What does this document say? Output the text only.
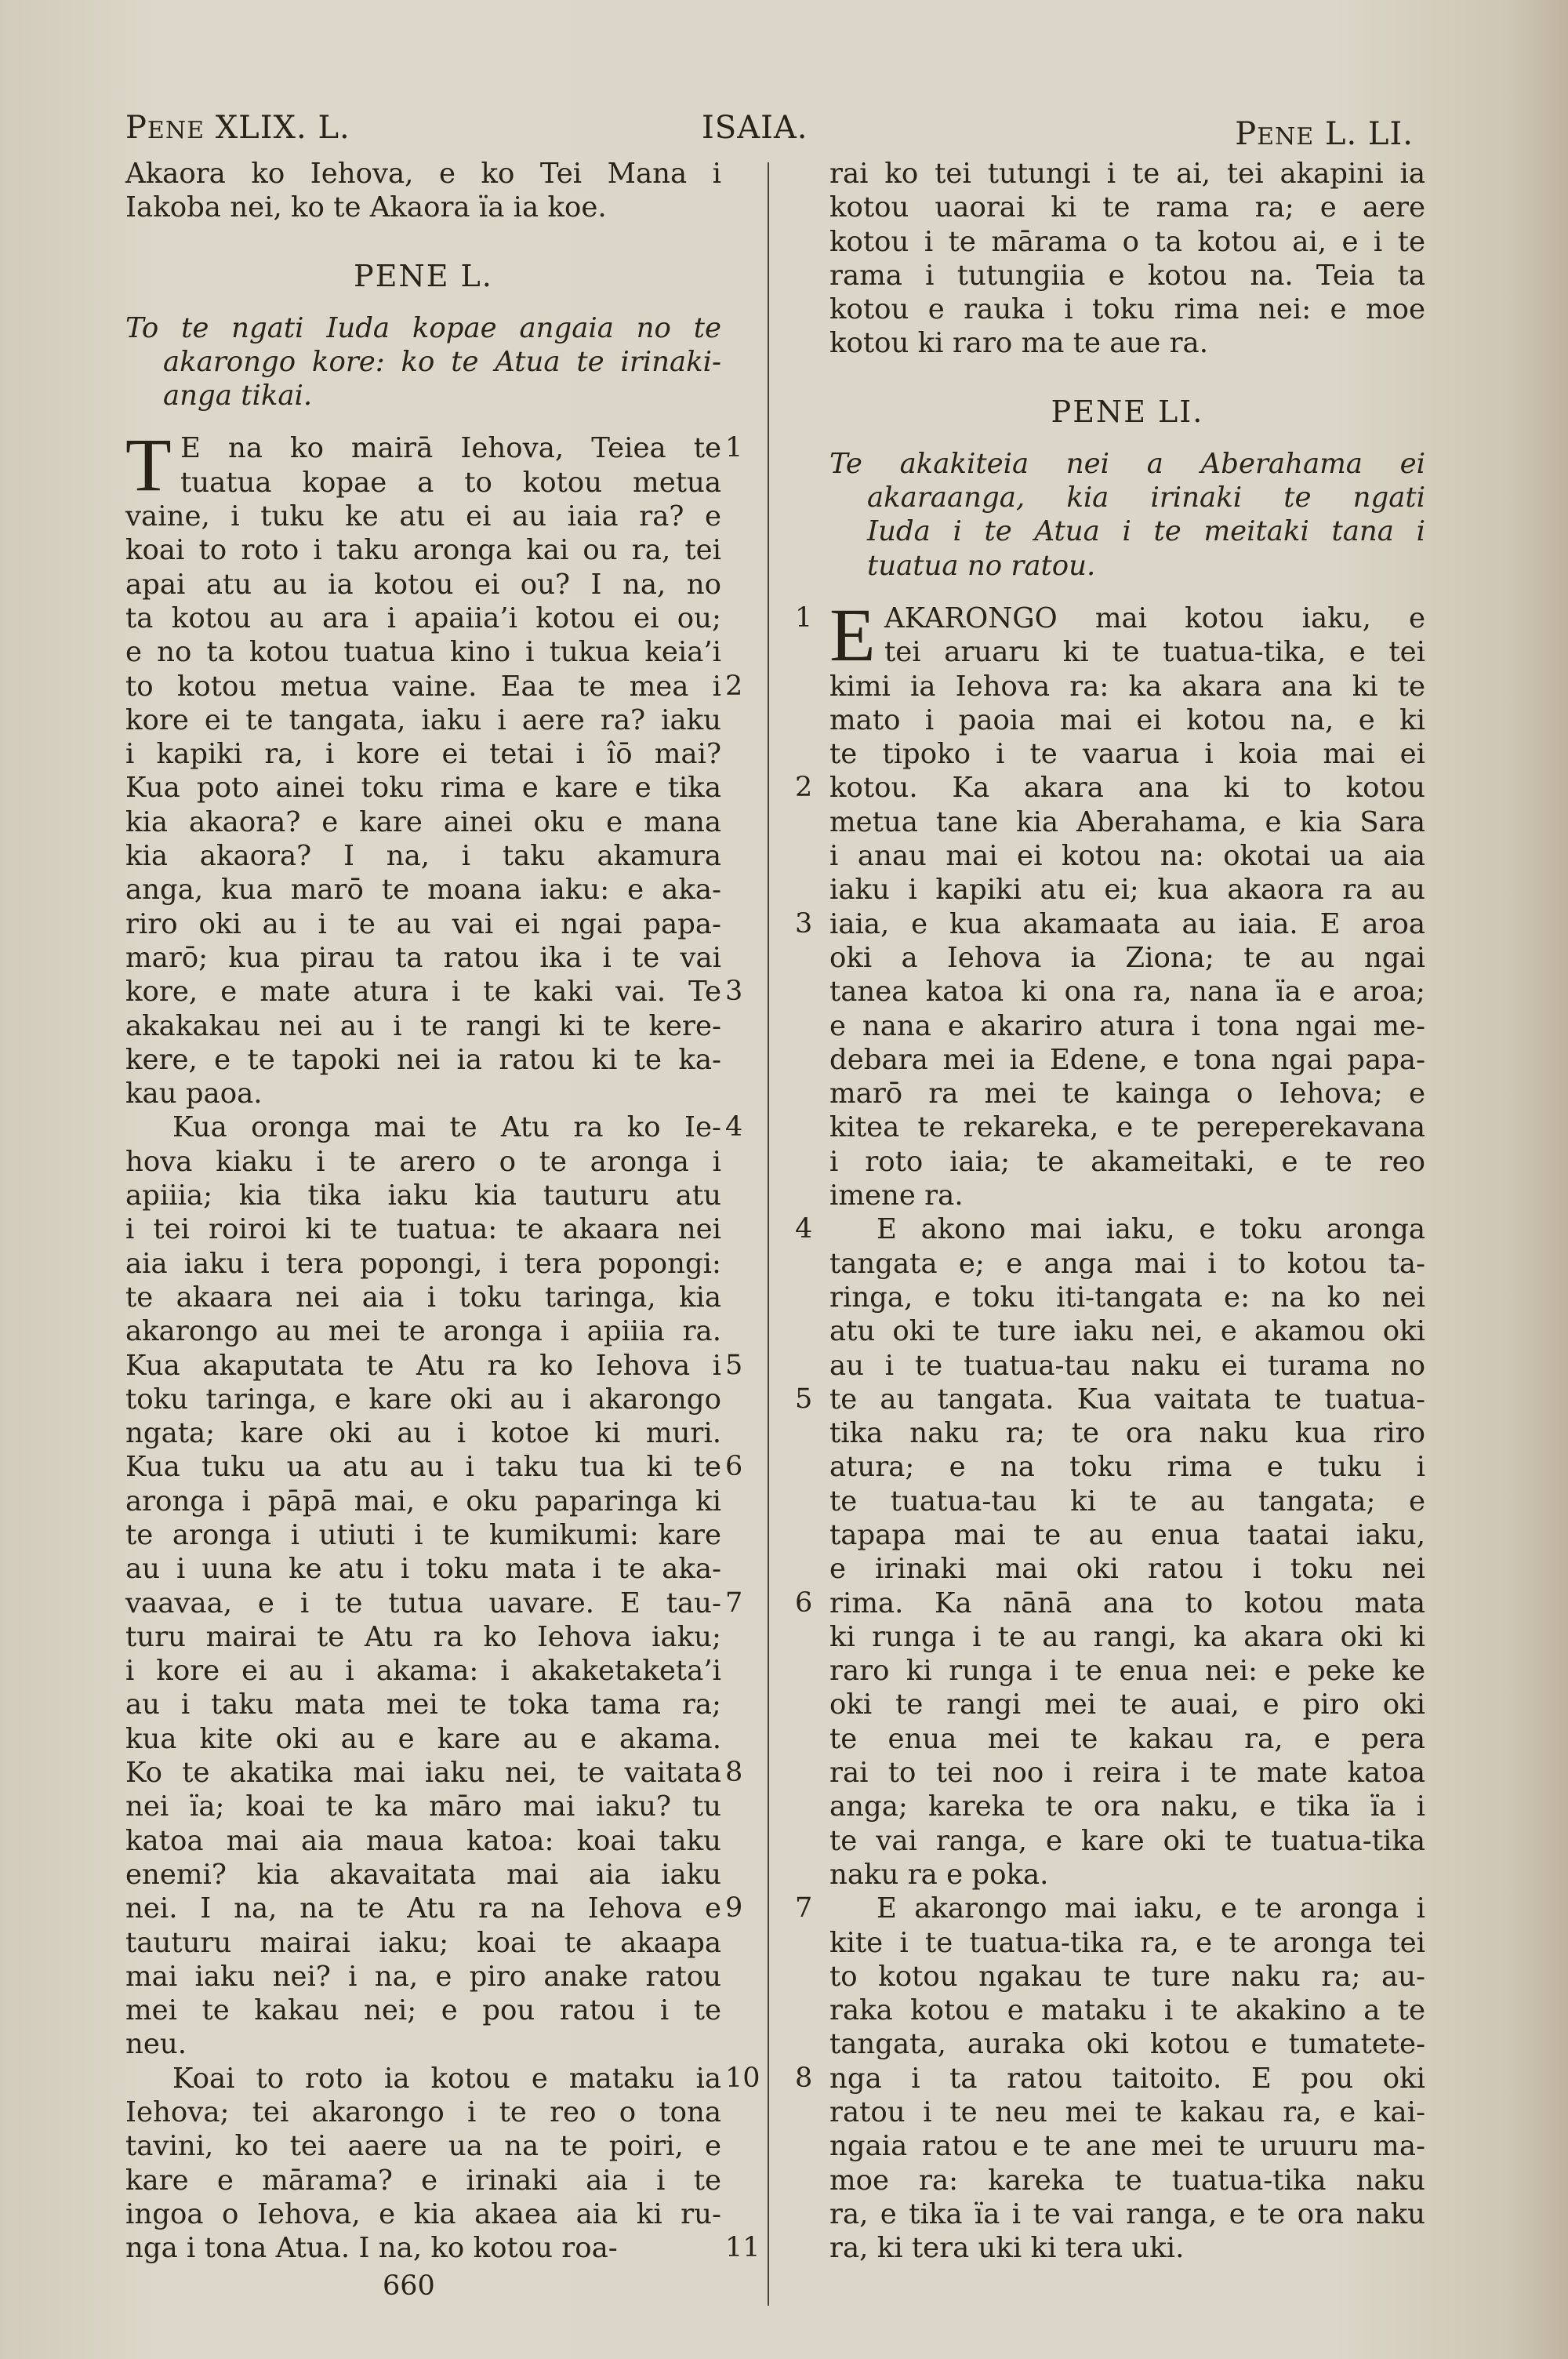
PENE XLIX. L.	ISAIA.	PENE L. LI.
Akaora ko Iehova, e ko Tei Mana i
Iakoba nei, ko te Akaora ïa ia koe.
PENE L.
To te ngati Iuda kopae angaia no te
akarongo kore: ko te Atua te irinaki-
anga tikai.
T E na ko mairā Iehova, Teiea te
tuatua kopae a to kotou metua
vaine, i tuku ke atu ei au iaia ra? e
koai to roto i taku aronga kai ou ra, tei
apai atu au ia kotou ei ou? I na, no
ta kotou au ara i apaiia’i kotou ei ou;
e no ta kotou tuatua kino i tukua keia’i
to kotou metua vaine. Eaa te mea i
kore ei te tangata, iaku i aere ra? iaku
i kapiki ra, i kore ei tetai i îō mai?
Kua poto ainei toku rima e kare e tika
kia akaora? e kare ainei oku e mana
kia akaora? I na, i taku akamura
anga, kua marō te moana iaku: e aka-
riro oki au i te au vai ei ngai papa-
marō; kua pirau ta ratou ika i te vai
kore, e mate atura i te kaki vai. Te
akakakau nei au i te rangi ki te kere-
kere, e te tapoki nei ia ratou ki te ka-
kau paoa.
Kua oronga mai te Atu ra ko Ie-
hova kiaku i te arero o te aronga i
apiiia; kia tika iaku kia tauturu atu
i tei roiroi ki te tuatua: te akaara nei
aia iaku i tera popongi, i tera popongi:
te akaara nei aia i toku taringa, kia
akarongo au mei te aronga i apiiia ra.
Kua akaputata te Atu ra ko Iehova i
toku taringa, e kare oki au i akarongo
ngata; kare oki au i kotoe ki muri.
Kua tuku ua atu au i taku tua ki te
aronga i pāpā mai, e oku paparinga ki
te aronga i utiuti i te kumikumi: kare
au i uuna ke atu i toku mata i te aka-
vaavaa, e i te tutua uavare. E tau-
turu mairai te Atu ra ko Iehova iaku;
i kore ei au i akama: i akaketaketa’i
au i taku mata mei te toka tama ra;
kua kite oki au e kare au e akama.
Ko te akatika mai iaku nei, te vaitata
nei ïa; koai te ka māro mai iaku? tu
katoa mai aia maua katoa: koai taku
enemi? kia akavaitata mai aia iaku
nei. I na, na te Atu ra na Iehova e
tauturu mairai iaku; koai te akaapa
mai iaku nei? i na, e piro anake ratou
mei te kakau nei; e pou ratou i te
neu.
Koai to roto ia kotou e mataku ia
Iehova; tei akarongo i te reo o tona
tavini, ko tei aaere ua na te poiri, e
kare e mārama? e irinaki aia i te
ingoa o Iehova, e kia akaea aia ki ru-
nga i tona Atua. I na, ko kotou roa-
1
2
3
4
5
6
7
8
9
10
11
rai ko tei tutungi i te ai, tei akapini ia
kotou uaorai ki te rama ra; e aere
kotou i te mārama o ta kotou ai, e i te
rama i tutungiia e kotou na. Teia ta
kotou e rauka i toku rima nei: e moe
kotou ki raro ma te aue ra.
PENE LI.
Te akakiteia nei a Aberahama ei
akaraanga, kia irinaki te ngati
Iuda i te Atua i te meitaki tana i
tuatua no ratou.
E AKARONGO mai kotou iaku, e
tei aruaru ki te tuatua-tika, e tei
kimi ia Iehova ra: ka akara ana ki te
mato i paoia mai ei kotou na, e ki
te tipoko i te vaarua i koia mai ei
kotou. Ka akara ana ki to kotou
metua tane kia Aberahama, e kia Sara
i anau mai ei kotou na: okotai ua aia
iaku i kapiki atu ei; kua akaora ra au
iaia, e kua akamaata au iaia. E aroa
oki a Iehova ia Ziona; te au ngai
tanea katoa ki ona ra, nana ïa e aroa;
e nana e akariro atura i tona ngai me-
debara mei ia Edene, e tona ngai papa-
marō ra mei te kainga o Iehova; e
kitea te rekareka, e te pereperekavana
i roto iaia; te akameitaki, e te reo
imene ra.
E akono mai iaku, e toku aronga
tangata e; e anga mai i to kotou ta-
ringa, e toku iti-tangata e: na ko nei
atu oki te ture iaku nei, e akamou oki
au i te tuatua-tau naku ei turama no
te au tangata. Kua vaitata te tuatua-
tika naku ra; te ora naku kua riro
atura; e na toku rima e tuku i
te tuatua-tau ki te au tangata; e
tapapa mai te au enua taatai iaku,
e irinaki mai oki ratou i toku nei
rima. Ka nānā ana to kotou mata
ki runga i te au rangi, ka akara oki ki
raro ki runga i te enua nei: e peke ke
oki te rangi mei te auai, e piro oki
te enua mei te kakau ra, e pera
rai to tei noo i reira i te mate katoa
anga; kareka te ora naku, e tika ïa i
te vai ranga, e kare oki te tuatua-tika
naku ra e poka.
E akarongo mai iaku, e te aronga i
kite i te tuatua-tika ra, e te aronga tei
to kotou ngakau te ture naku ra; au-
raka kotou e mataku i te akakino a te
tangata, auraka oki kotou e tumatete-
nga i ta ratou taitoito. E pou oki
ratou i te neu mei te kakau ra, e kai-
ngaia ratou e te ane mei te uruuru ma-
moe ra: kareka te tuatua-tika naku
ra, e tika ïa i te vai ranga, e te ora naku
ra, ki tera uki ki tera uki.
1
2
3
4
5
6
7
8
660
